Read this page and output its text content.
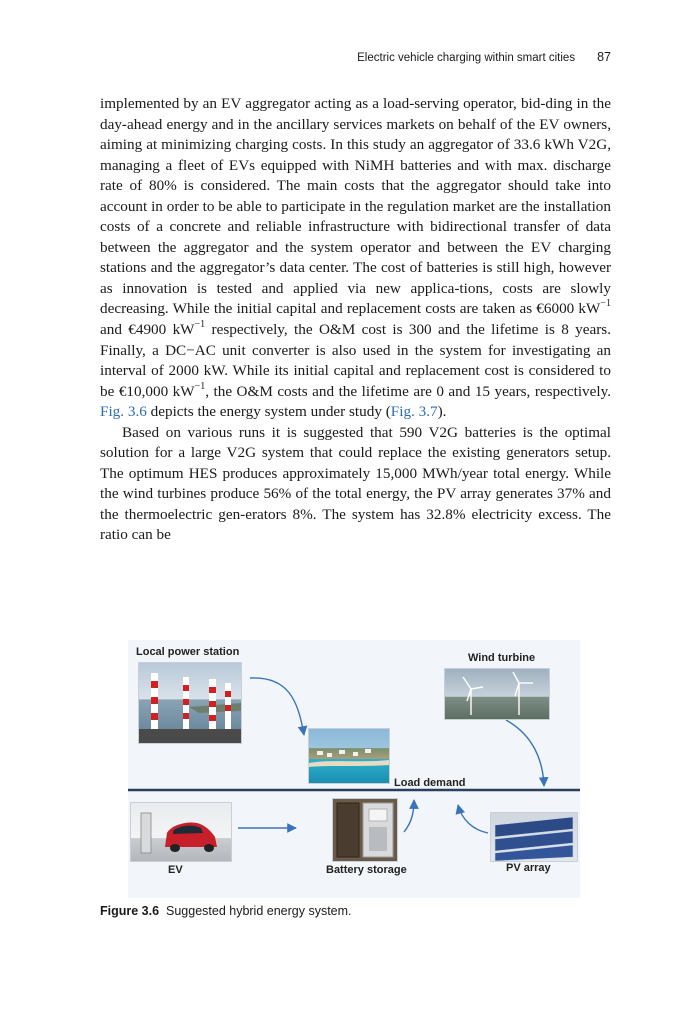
Electric vehicle charging within smart cities 87

implemented by an EV aggregator acting as a load-serving operator, bid-ding in the day-ahead energy and in the ancillary services markets on behalf of the EV owners, aiming at minimizing charging costs. In this study an aggregator of 33.6 kWh V2G, managing a fleet of EVs equipped with NiMH batteries and with max. discharge rate of 80% is considered. The main costs that the aggregator should take into account in order to be able to participate in the regulation market are the installation costs of a concrete and reliable infrastructure with bidirectional transfer of data between the aggregator and the system operator and between the EV charging stations and the aggregator’s data center. The cost of batteries is still high, however as innovation is tested and applied via new applica-tions, costs are slowly decreasing. While the initial capital and replacement costs are taken as €6000 $kW^{-1}$ and €4900 $kW^{-1}$ respectively, the O&M cost is 300 and the lifetime is 8 years. Finally, a DC−AC unit converter is also used in the system for investigating an interval of 2000 kW. While its initial capital and replacement cost is considered to be €10,000 $kW^{-1}$, the O&M costs and the lifetime are 0 and 15 years, respectively. Fig. 3.6 depicts the energy system under study (Fig. 3.7).

Based on various runs it is suggested that 590 V2G batteries is the optimal solution for a large V2G system that could replace the existing generators setup. The optimum HES produces approximately 15,000 MWh/year total energy. While the wind turbines produce 56% of the total energy, the PV array generates 37% and the thermoelectric gen-erators 8%. The system has 32.8% electricity excess. The ratio can be

Local power station	Wind turbine
Load demand
EV	Battery storage	PV array
Figure 3.6 Suggested hybrid energy system.
